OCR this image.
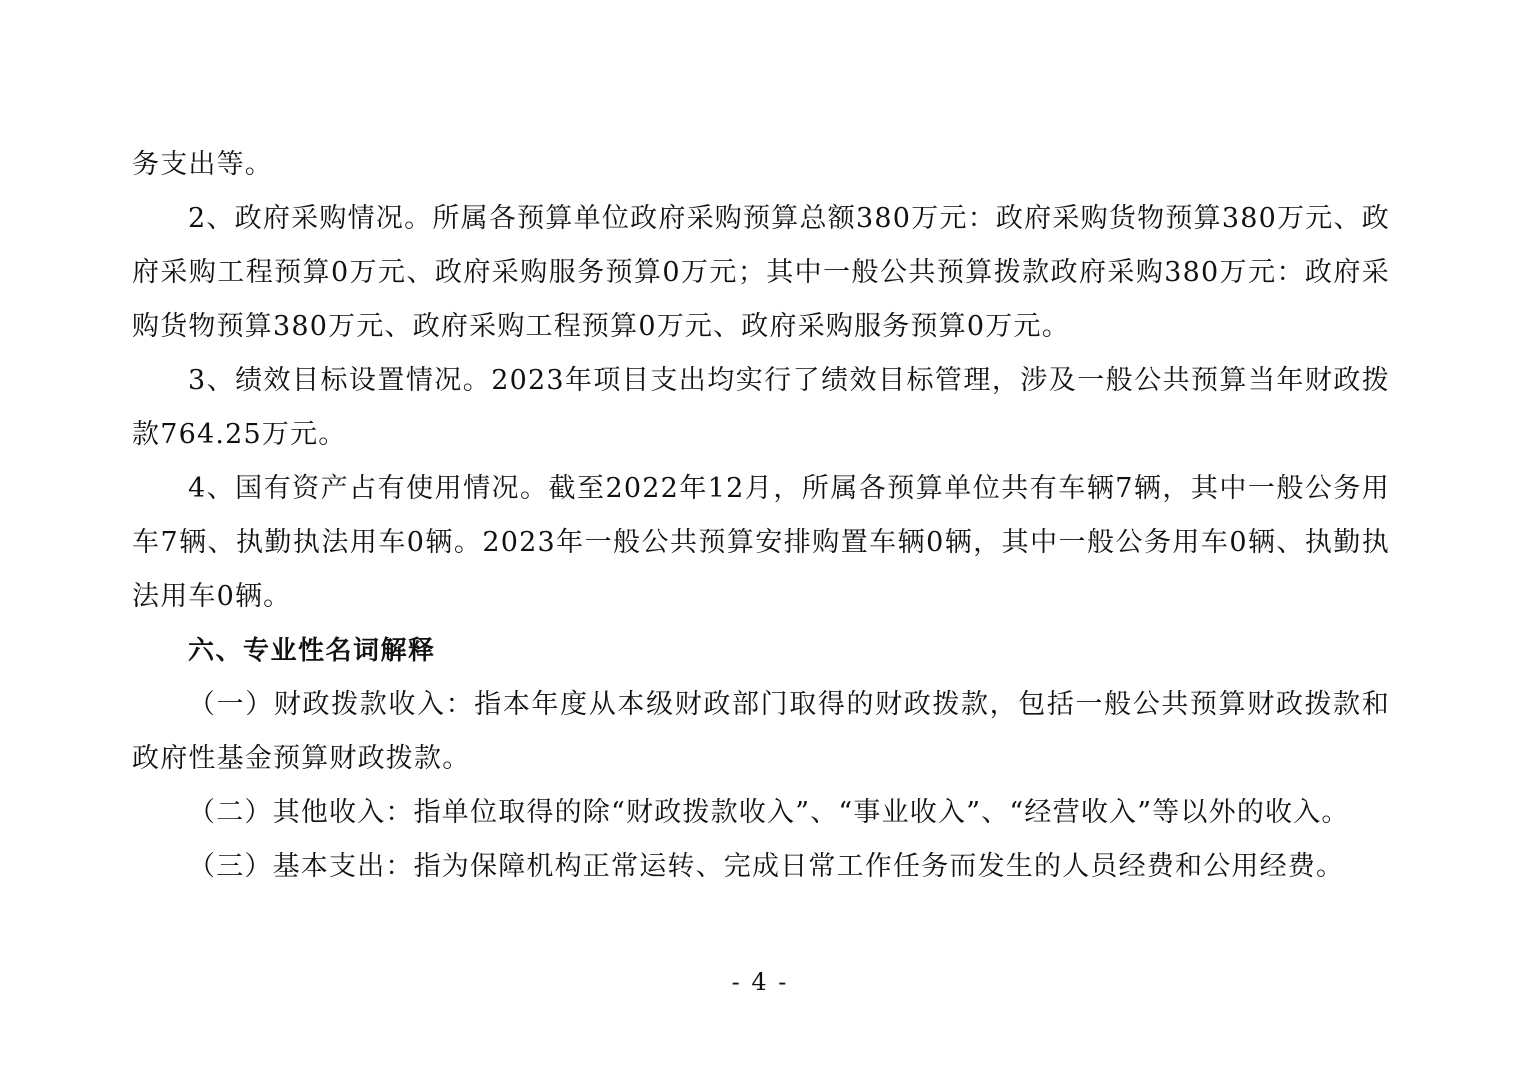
务支出等。

2、政府采购情况。所属各预算单位政府采购预算总额380万元：政府采购货物预算380万元、政府采购工程预算0万元、政府采购服务预算0万元；其中一般公共预算拨款政府采购380万元：政府采购货物预算380万元、政府采购工程预算0万元、政府采购服务预算0万元。

3、绩效目标设置情况。2023年项目支出均实行了绩效目标管理，涉及一般公共预算当年财政拨款764.25万元。

4、国有资产占有使用情况。截至2022年12月，所属各预算单位共有车辆7辆，其中一般公务用车7辆、执勤执法用车0辆。2023年一般公共预算安排购置车辆0辆，其中一般公务用车0辆、执勤执法用车0辆。

六、专业性名词解释

（一）财政拨款收入：指本年度从本级财政部门取得的财政拨款，包括一般公共预算财政拨款和政府性基金预算财政拨款。

（二）其他收入：指单位取得的除“财政拨款收入”、“事业收入”、“经营收入”等以外的收入。

（三）基本支出：指为保障机构正常运转、完成日常工作任务而发生的人员经费和公用经费。

- 4 -
